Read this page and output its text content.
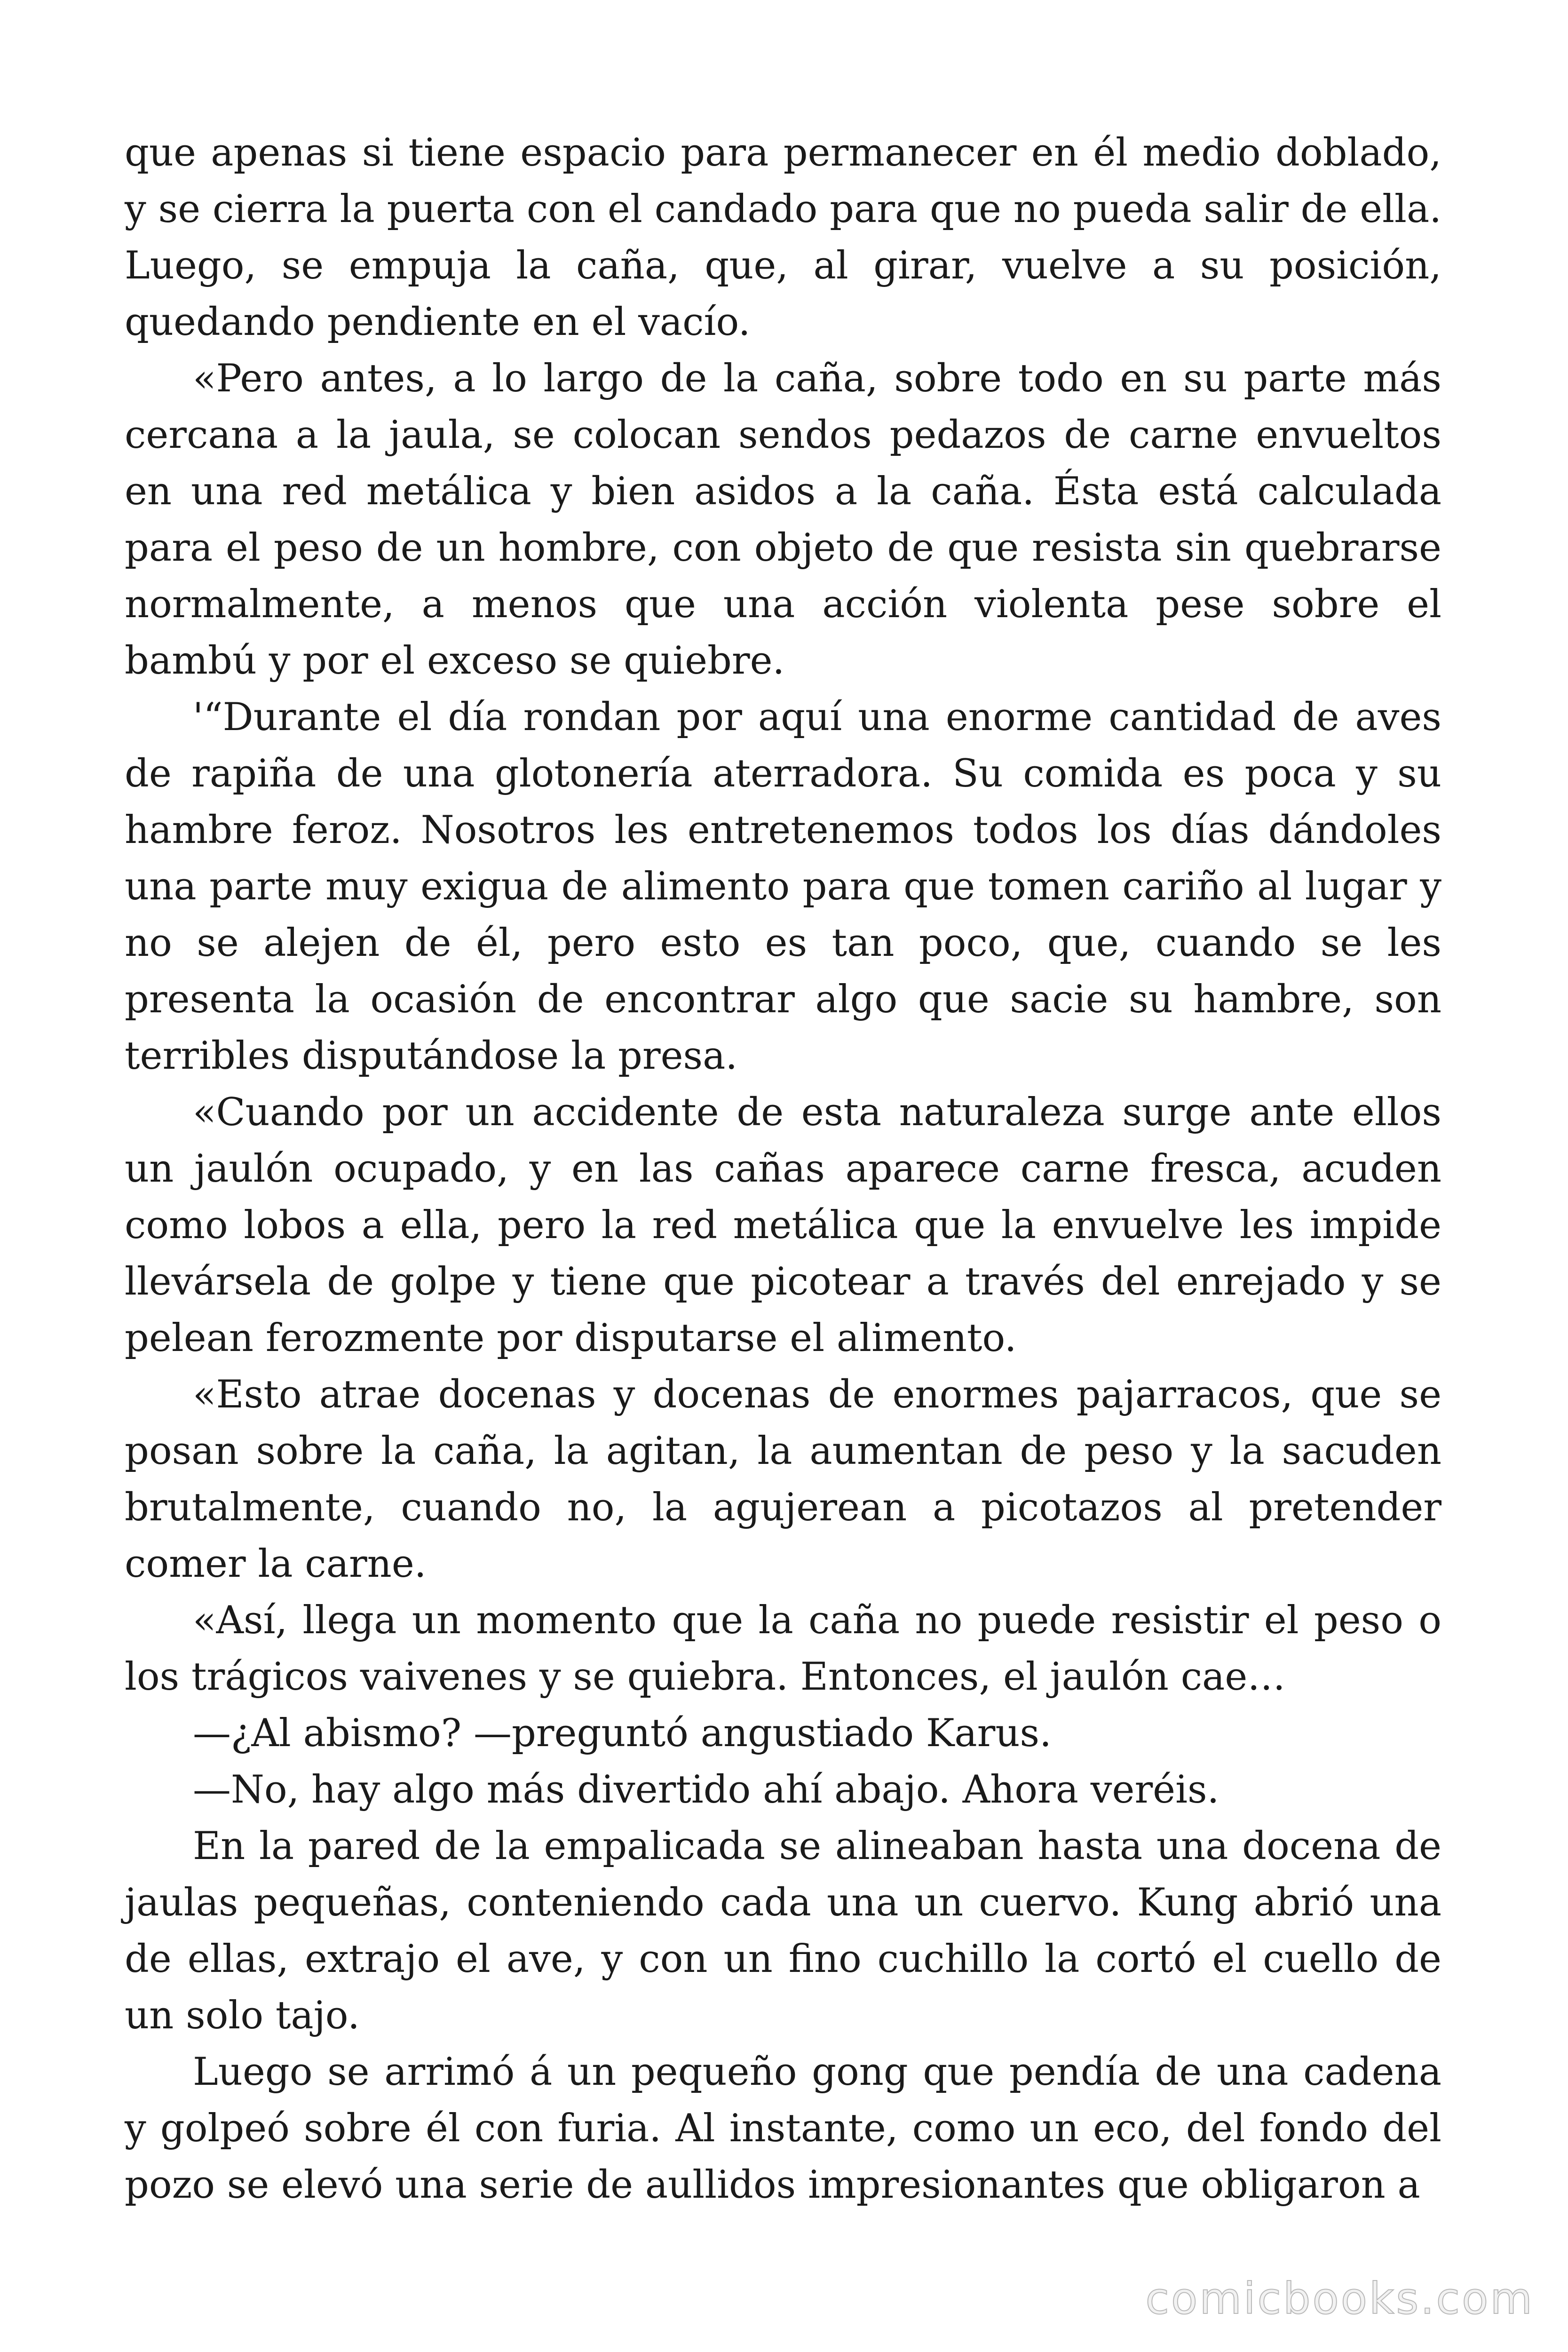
que apenas si tiene espacio para permanecer en él medio doblado, y se cierra la puerta con el candado para que no pueda salir de ella. Luego, se empuja la caña, que, al girar, vuelve a su posición, quedando pendiente en el vacío.

«Pero antes, a lo largo de la caña, sobre todo en su parte más cercana a la jaula, se colocan sendos pedazos de carne envueltos en una red metálica y bien asidos a la caña. Ésta está calculada para el peso de un hombre, con objeto de que resista sin quebrarse normalmente, a menos que una acción violenta pese sobre el bambú y por el exceso se quiebre.

'“Durante el día rondan por aquí una enorme cantidad de aves de rapiña de una glotonería aterradora. Su comida es poca y su hambre feroz. Nosotros les entretenemos todos los días dándoles una parte muy exigua de alimento para que tomen cariño al lugar y no se alejen de él, pero esto es tan poco, que, cuando se les presenta la ocasión de encontrar algo que sacie su hambre, son terribles disputándose la presa.

«Cuando por un accidente de esta naturaleza surge ante ellos un jaulón ocupado, y en las cañas aparece carne fresca, acuden como lobos a ella, pero la red metálica que la envuelve les impide llevársela de golpe y tiene que picotear a través del enrejado y se pelean ferozmente por disputarse el alimento.

«Esto atrae docenas y docenas de enormes pajarracos, que se posan sobre la caña, la agitan, la aumentan de peso y la sacuden brutalmente, cuando no, la agujerean a picotazos al pretender comer la carne.

«Así, llega un momento que la caña no puede resistir el peso o los trágicos vaivenes y se quiebra. Entonces, el jaulón cae…

—¿Al abismo? —preguntó angustiado Karus.

—No, hay algo más divertido ahí abajo. Ahora veréis.

En la pared de la empalicada se alineaban hasta una docena de jaulas pequeñas, conteniendo cada una un cuervo. Kung abrió una de ellas, extrajo el ave, y con un fino cuchillo la cortó el cuello de un solo tajo.

Luego se arrimó á un pequeño gong que pendía de una cadena y golpeó sobre él con furia. Al instante, como un eco, del fondo del pozo se elevó una serie de aullidos impresionantes que obligaron a

comicbooks.com
